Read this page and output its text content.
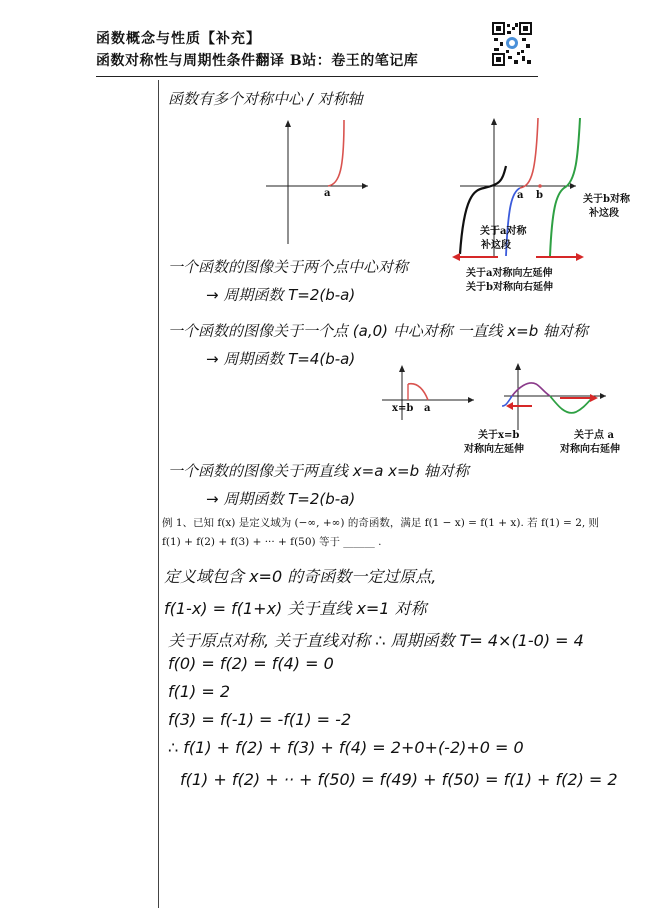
函数概念与性质【补充】
函数对称性与周期性条件翻译 B站：卷王的笔记库
函数有多个对称中心 / 对称轴
a	a b	关于b对称
补这段
关于a对称
补这段
关于a对称向左延伸
关于b对称向右延伸
一个函数的图像关于两个点中心对称
→ 周期函数 T=2(b-a)
一个函数的图像关于一个点 (a,0) 中心对称 一直线 x=b 轴对称
→ 周期函数 T=4(b-a)
x=b a
关于x=b
对称向左延伸
关于点 a
对称向右延伸
一个函数的图像关于两直线 x=a x=b 轴对称
→ 周期函数 T=2(b-a)
例 1、已知 f(x) 是定义域为 (−∞, +∞) 的奇函数，满足 f(1 − x) = f(1 + x). 若 f(1) = 2, 则
f(1) + f(2) + f(3) + ··· + f(50) 等于 ______ .
定义域包含 x=0 的奇函数一定过原点,
f(1-x) = f(1+x) 关于直线 x=1 对称
关于原点对称, 关于直线对称 ∴ 周期函数 T= 4×(1-0) = 4
f(0) = f(2) = f(4) = 0
f(1) = 2
f(3) = f(-1) = -f(1) = -2
∴ f(1) + f(2) + f(3) + f(4) = 2+0+(-2)+0 = 0
f(1) + f(2) + ·· + f(50) = f(49) + f(50) = f(1) + f(2) = 2
